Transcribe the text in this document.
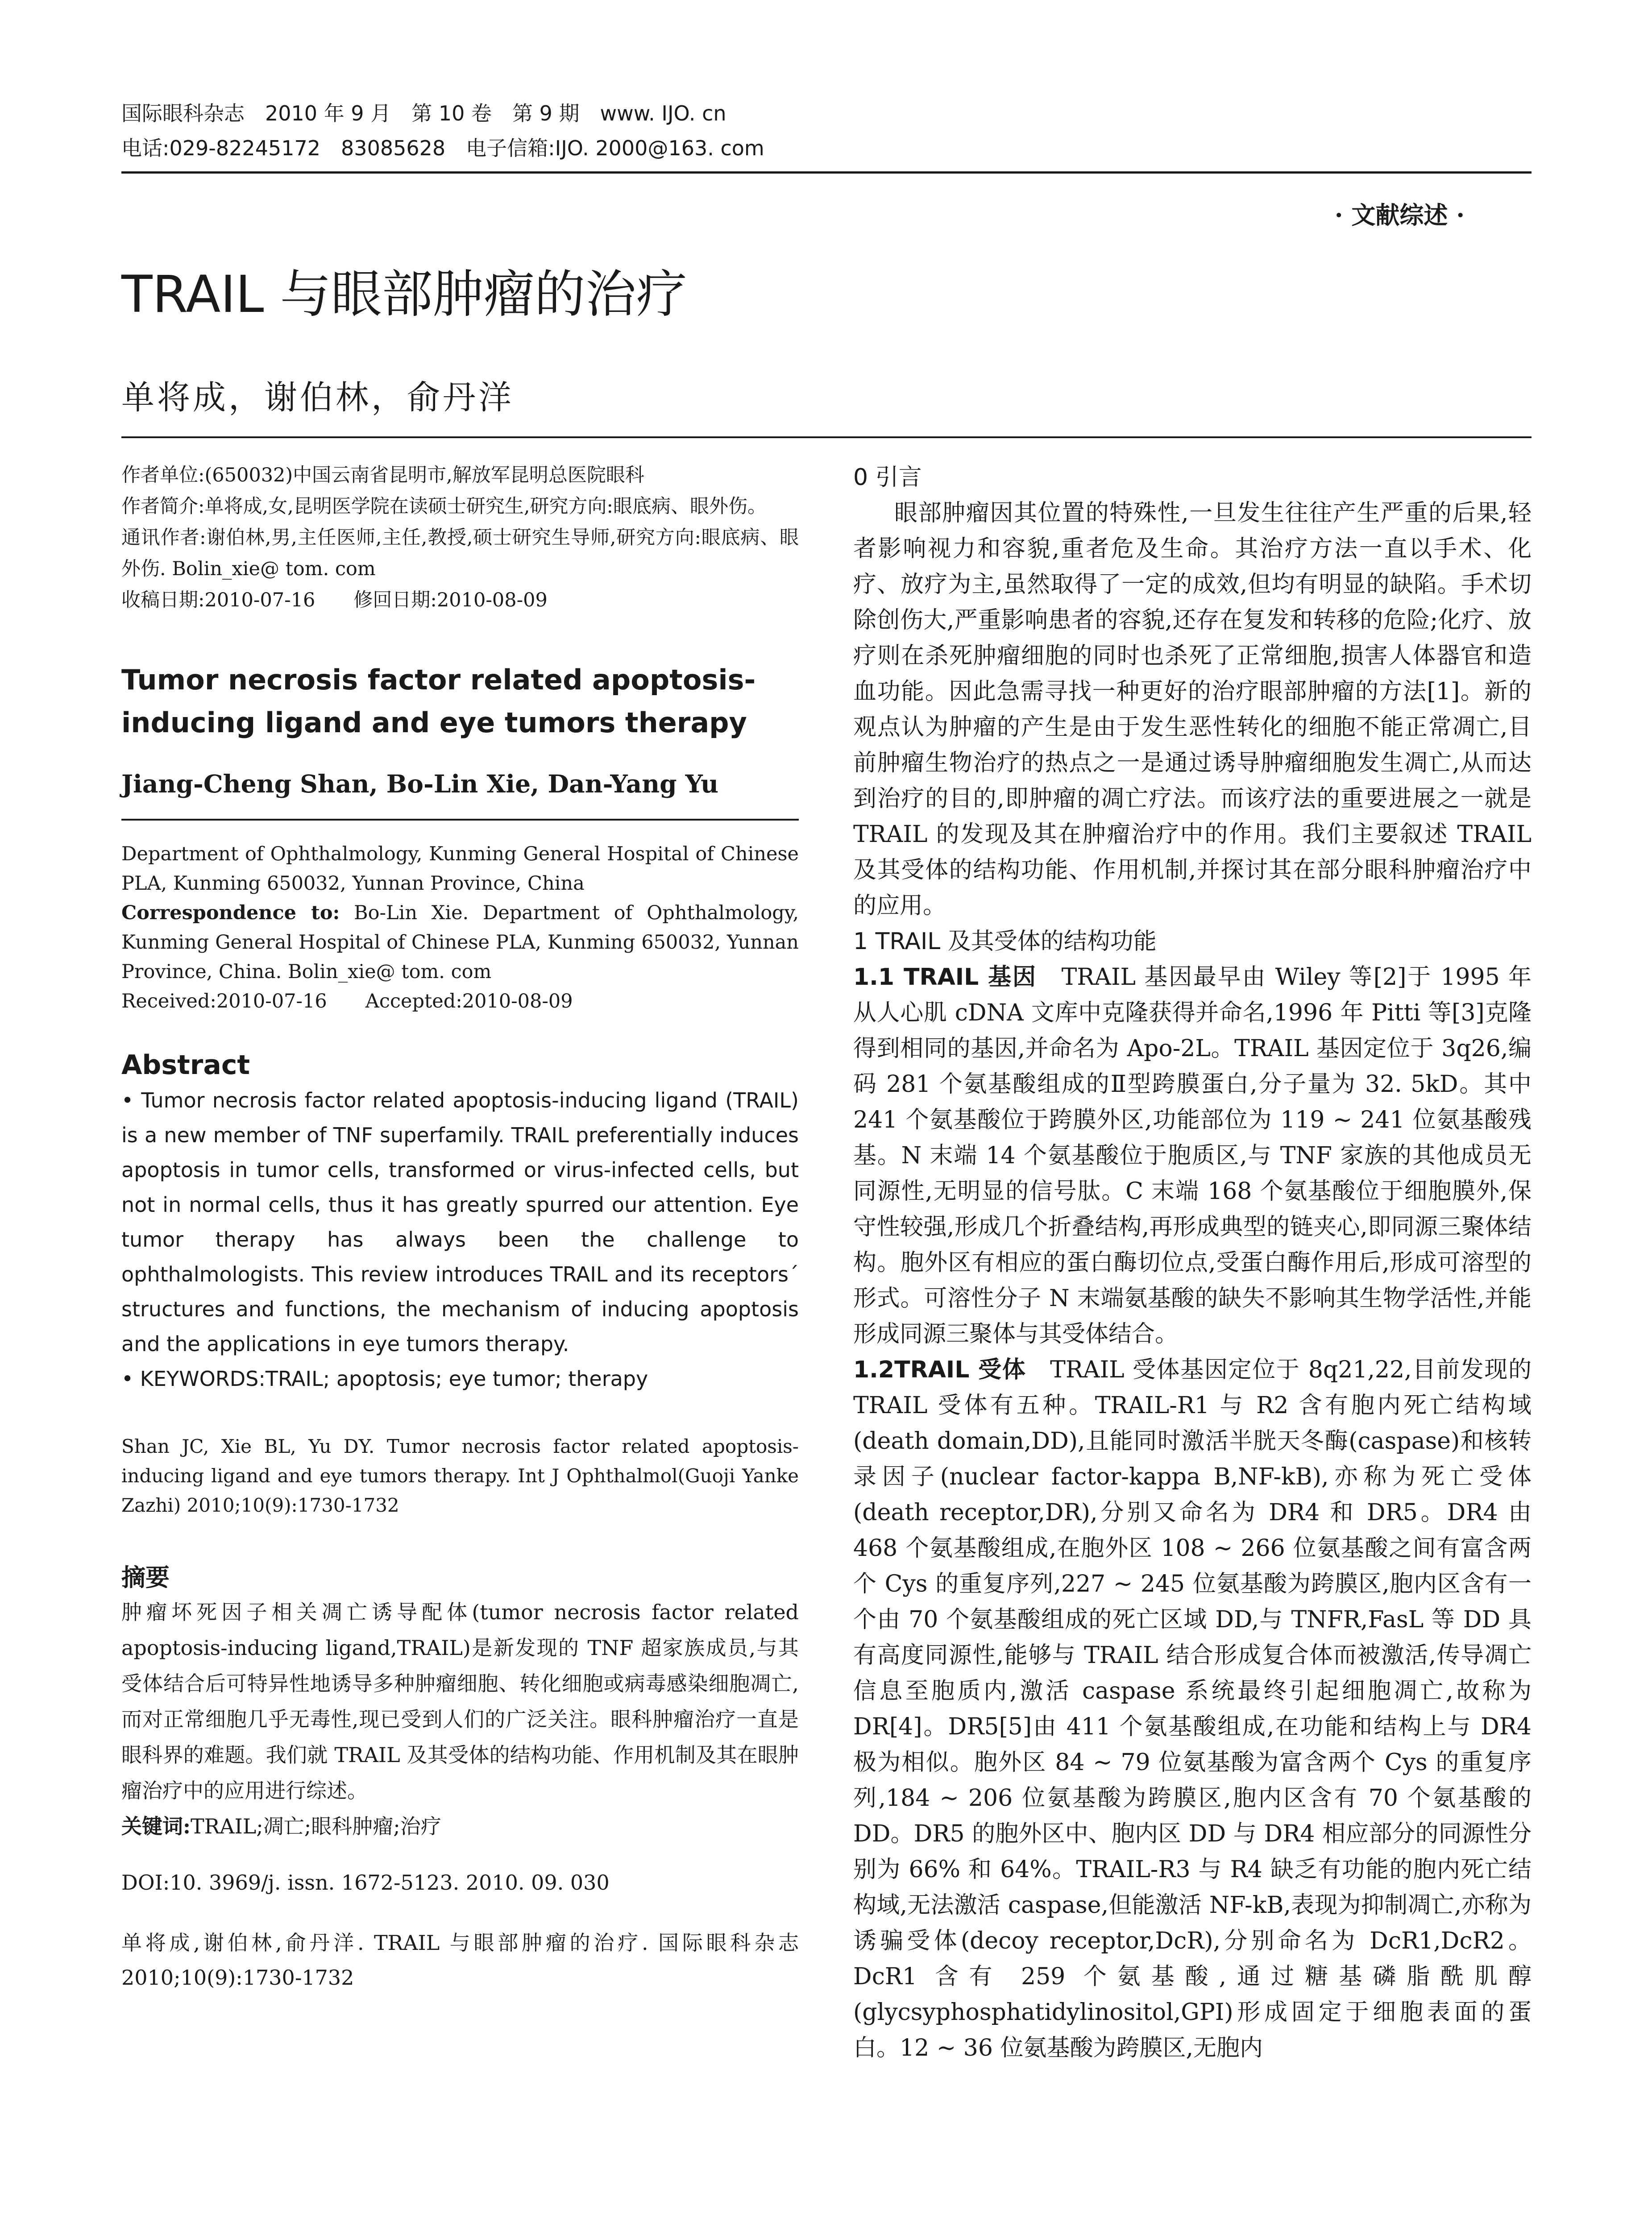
国际眼科杂志　2010 年 9 月　第 10 卷　第 9 期　www. IJO. cn
电话:029-82245172　83085628　电子信箱:IJO. 2000@163. com
· 文献综述 ·
TRAIL 与眼部肿瘤的治疗
单将成，谢伯林，俞丹洋

作者单位:(650032)中国云南省昆明市,解放军昆明总医院眼科

作者简介:单将成,女,昆明医学院在读硕士研究生,研究方向:眼底病、眼外伤。

通讯作者:谢伯林,男,主任医师,主任,教授,硕士研究生导师,研究方向:眼底病、眼外伤. Bolin_xie@ tom. com

收稿日期:2010-07-16　　修回日期:2010-08-09

Tumor necrosis factor related apoptosis-inducing ligand and eye tumors therapy
Jiang-Cheng Shan, Bo-Lin Xie, Dan-Yang Yu

Department of Ophthalmology, Kunming General Hospital of Chinese PLA, Kunming 650032, Yunnan Province, China

Correspondence to: Bo-Lin Xie. Department of Ophthalmology, Kunming General Hospital of Chinese PLA, Kunming 650032, Yunnan Province, China. Bolin_xie@ tom. com

Received:2010-07-16　　Accepted:2010-08-09

Abstract

• Tumor necrosis factor related apoptosis-inducing ligand (TRAIL) is a new member of TNF superfamily. TRAIL preferentially induces apoptosis in tumor cells, transformed or virus-infected cells, but not in normal cells, thus it has greatly spurred our attention. Eye tumor therapy has always been the challenge to ophthalmologists. This review introduces TRAIL and its receptors´ structures and functions, the mechanism of inducing apoptosis and the applications in eye tumors therapy.

• KEYWORDS:TRAIL; apoptosis; eye tumor; therapy

Shan JC, Xie BL, Yu DY. Tumor necrosis factor related apoptosis-inducing ligand and eye tumors therapy. Int J Ophthalmol(Guoji Yanke Zazhi) 2010;10(9):1730-1732

摘要

肿瘤坏死因子相关凋亡诱导配体(tumor necrosis factor related apoptosis-inducing ligand,TRAIL)是新发现的 TNF 超家族成员,与其受体结合后可特异性地诱导多种肿瘤细胞、转化细胞或病毒感染细胞凋亡,而对正常细胞几乎无毒性,现已受到人们的广泛关注。眼科肿瘤治疗一直是眼科界的难题。我们就 TRAIL 及其受体的结构功能、作用机制及其在眼肿瘤治疗中的应用进行综述。

关键词:TRAIL;凋亡;眼科肿瘤;治疗

DOI:10. 3969/j. issn. 1672-5123. 2010. 09. 030

单将成,谢伯林,俞丹洋. TRAIL 与眼部肿瘤的治疗. 国际眼科杂志 2010;10(9):1730-1732

0 引言

眼部肿瘤因其位置的特殊性,一旦发生往往产生严重的后果,轻者影响视力和容貌,重者危及生命。其治疗方法一直以手术、化疗、放疗为主,虽然取得了一定的成效,但均有明显的缺陷。手术切除创伤大,严重影响患者的容貌,还存在复发和转移的危险;化疗、放疗则在杀死肿瘤细胞的同时也杀死了正常细胞,损害人体器官和造血功能。因此急需寻找一种更好的治疗眼部肿瘤的方法[1]。新的观点认为肿瘤的产生是由于发生恶性转化的细胞不能正常凋亡,目前肿瘤生物治疗的热点之一是通过诱导肿瘤细胞发生凋亡,从而达到治疗的目的,即肿瘤的凋亡疗法。而该疗法的重要进展之一就是 TRAIL 的发现及其在肿瘤治疗中的作用。我们主要叙述 TRAIL 及其受体的结构功能、作用机制,并探讨其在部分眼科肿瘤治疗中的应用。

1 TRAIL 及其受体的结构功能

1.1 TRAIL 基因　TRAIL 基因最早由 Wiley 等[2]于 1995 年从人心肌 cDNA 文库中克隆获得并命名,1996 年 Pitti 等[3]克隆得到相同的基因,并命名为 Apo-2L。TRAIL 基因定位于 3q26,编码 281 个氨基酸组成的Ⅱ型跨膜蛋白,分子量为 32. 5kD。其中 241 个氨基酸位于跨膜外区,功能部位为 119 ~ 241 位氨基酸残基。N 末端 14 个氨基酸位于胞质区,与 TNF 家族的其他成员无同源性,无明显的信号肽。C 末端 168 个氨基酸位于细胞膜外,保守性较强,形成几个折叠结构,再形成典型的链夹心,即同源三聚体结构。胞外区有相应的蛋白酶切位点,受蛋白酶作用后,形成可溶型的形式。可溶性分子 N 末端氨基酸的缺失不影响其生物学活性,并能形成同源三聚体与其受体结合。

1.2TRAIL 受体　TRAIL 受体基因定位于 8q21,22,目前发现的 TRAIL 受体有五种。TRAIL-R1 与 R2 含有胞内死亡结构域(death domain,DD),且能同时激活半胱天冬酶(caspase)和核转录因子(nuclear factor-kappa B,NF-kB),亦称为死亡受体(death receptor,DR),分别又命名为 DR4 和 DR5。DR4 由 468 个氨基酸组成,在胞外区 108 ~ 266 位氨基酸之间有富含两个 Cys 的重复序列,227 ~ 245 位氨基酸为跨膜区,胞内区含有一个由 70 个氨基酸组成的死亡区域 DD,与 TNFR,FasL 等 DD 具有高度同源性,能够与 TRAIL 结合形成复合体而被激活,传导凋亡信息至胞质内,激活 caspase 系统最终引起细胞凋亡,故称为 DR[4]。DR5[5]由 411 个氨基酸组成,在功能和结构上与 DR4 极为相似。胞外区 84 ~ 79 位氨基酸为富含两个 Cys 的重复序列,184 ~ 206 位氨基酸为跨膜区,胞内区含有 70 个氨基酸的 DD。DR5 的胞外区中、胞内区 DD 与 DR4 相应部分的同源性分别为 66% 和 64%。TRAIL-R3 与 R4 缺乏有功能的胞内死亡结构域,无法激活 caspase,但能激活 NF-kB,表现为抑制凋亡,亦称为诱骗受体(decoy receptor,DcR),分别命名为 DcR1,DcR2。DcR1 含有 259 个氨基酸,通过糖基磷脂酰肌醇(glycsyphosphatidylinositol,GPI)形成固定于细胞表面的蛋白。12 ~ 36 位氨基酸为跨膜区,无胞内
